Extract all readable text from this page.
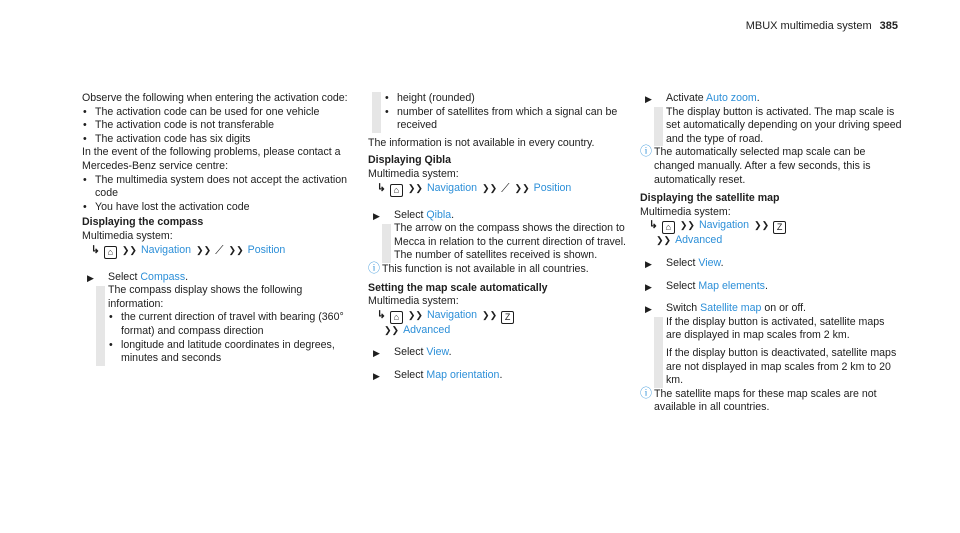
MBUX multimedia system 385

Observe the following when entering the activation code:

• The activation code can be used for one vehicle

• The activation code is not transferable

• The activation code has six digits

In the event of the following problems, please contact a Mercedes-Benz service centre:

• The multimedia system does not accept the activation code

• You have lost the activation code

Displaying the compass

Multimedia system:

↳ ⌂ ❯❯ Navigation ❯❯ ⟋ ❯❯ Position

▶ Select Compass.

The compass display shows the following information:

• the current direction of travel with bearing (360° format) and compass direction

• longitude and latitude coordinates in degrees, minutes and seconds

• height (rounded)

• number of satellites from which a signal can be received

The information is not available in every country.

Displaying Qibla

Multimedia system:

↳ ⌂ ❯❯ Navigation ❯❯ ⟋ ❯❯ Position

▶ Select Qibla.

The arrow on the compass shows the direction to Mecca in relation to the current direction of travel.

The number of satellites received is shown.

ⓘ This function is not available in all countries.

Setting the map scale automatically

Multimedia system:

↳ ⌂ ❯❯ Navigation ❯❯ Z

❯❯ Advanced

▶ Select View.

▶ Select Map orientation.

▶ Activate Auto zoom.

The display button is activated. The map scale is set automatically depending on your driving speed and the type of road.

ⓘ The automatically selected map scale can be changed manually. After a few seconds, this is automatically reset.

Displaying the satellite map

Multimedia system:

↳ ⌂ ❯❯ Navigation ❯❯ Z

❯❯ Advanced

▶ Select View.

▶ Select Map elements.

▶ Switch Satellite map on or off.

If the display button is activated, satellite maps are displayed in map scales from 2 km.

If the display button is deactivated, satellite maps are not displayed in map scales from 2 km to 20 km.

ⓘ The satellite maps for these map scales are not available in all countries.
